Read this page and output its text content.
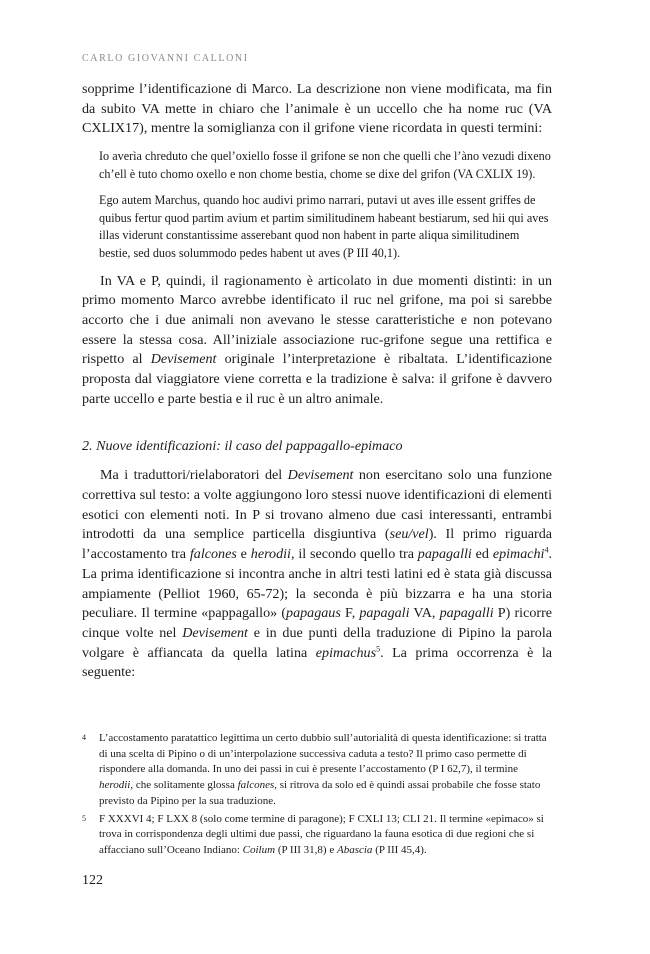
CARLO GIOVANNI CALLONI

sopprime l’identificazione di Marco. La descrizione non viene modificata, ma fin da subito VA mette in chiaro che l’animale è un uccello che ha nome ruc (VA CXLIX17), mentre la somiglianza con il grifone viene ricordata in questi termini:

Io averìa chreduto che quel’oxiello fosse il grifone se non che quelli che l’àno vezudi dixeno ch’ell è tuto chomo oxello e non chome bestia, chome se dixe del grifon (VA CXLIX 19).

Ego autem Marchus, quando hoc audivi primo narrari, putavi ut aves ille essent griffes de quibus fertur quod partim avium et partim similitudinem habeant bestiarum, sed hii qui aves illas viderunt constantissime asserebant quod non habent in parte aliqua similitudinem bestie, sed duos solummodo pedes habent ut aves (P III 40,1).

In VA e P, quindi, il ragionamento è articolato in due momenti distinti: in un primo momento Marco avrebbe identificato il ruc nel grifone, ma poi si sarebbe accorto che i due animali non avevano le stesse caratteristiche e non potevano essere la stessa cosa. All’iniziale associazione ruc-grifone segue una rettifica e rispetto al Devisement originale l’interpretazione è ribaltata. L’identificazione proposta dal viaggiatore viene corretta e la tradizione è salva: il grifone è davvero parte uccello e parte bestia e il ruc è un altro animale.

2. Nuove identificazioni: il caso del pappagallo-epimaco

Ma i traduttori/rielaboratori del Devisement non esercitano solo una funzione correttiva sul testo: a volte aggiungono loro stessi nuove identificazioni di elementi esotici con elementi noti. In P si trovano almeno due casi interessanti, entrambi introdotti da una semplice particella disgiuntiva (seu/vel). Il primo riguarda l’accostamento tra falcones e herodii, il secondo quello tra papagalli ed epimachi$^4$. La prima identificazione si incontra anche in altri testi latini ed è stata già discussa ampiamente (Pelliot 1960, 65-72); la seconda è più bizzarra e ha una storia peculiare. Il termine «pappagallo» (papagaus F, papagali VA, papagalli P) ricorre cinque volte nel Devisement e in due punti della traduzione di Pipino la parola volgare è affiancata da quella latina epimachus$^5$. La prima occorrenza è la seguente:

4	L’accostamento paratattico legittima un certo dubbio sull’autorialità di questa identificazione: si tratta di una scelta di Pipino o di un’interpolazione successiva caduta a testo? Il primo caso permette di rispondere alla domanda. In uno dei passi in cui è presente l’accostamento (P I 62,7), il termine herodii, che solitamente glossa falcones, si ritrova da solo ed è quindi assai probabile che fosse stato previsto da Pipino per la sua traduzione.
5	F XXXVI 4; F LXX 8 (solo come termine di paragone); F CXLI 13; CLI 21. Il termine «epimaco» si trova in corrispondenza degli ultimi due passi, che riguardano la fauna esotica di due regioni che si affacciano sull’Oceano Indiano: Coilum (P III 31,8) e Abascia (P III 45,4).
122
